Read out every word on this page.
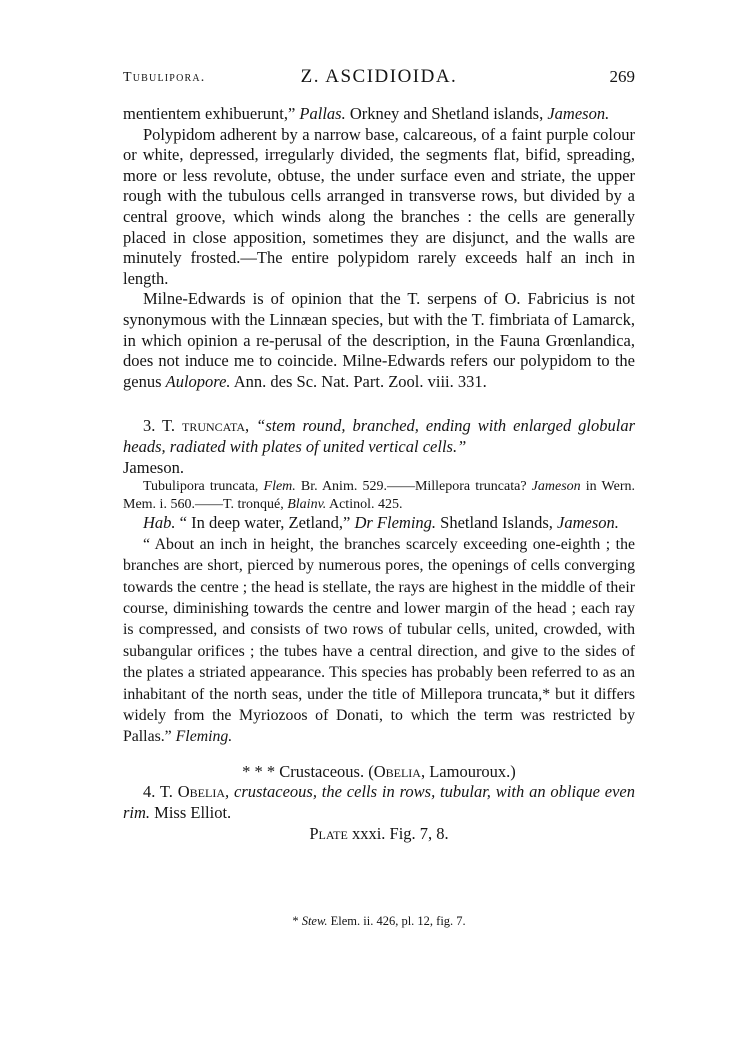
Tubulipora.	Z. ASCIDIOIDA.	269

mentientem exhibuerunt,” Pallas. Orkney and Shetland islands, Jameson.

Polypidom adherent by a narrow base, calcareous, of a faint purple colour or white, depressed, irregularly divided, the segments flat, bifid, spreading, more or less revolute, obtuse, the under surface even and striate, the upper rough with the tubulous cells arranged in transverse rows, but divided by a central groove, which winds along the branches : the cells are generally placed in close apposition, sometimes they are disjunct, and the walls are minutely frosted.—The entire polypidom rarely exceeds half an inch in length.

Milne-Edwards is of opinion that the T. serpens of O. Fabricius is not synonymous with the Linnæan species, but with the T. fimbriata of Lamarck, in which opinion a re-perusal of the description, in the Fauna Grœnlandica, does not induce me to coincide. Milne-Edwards refers our polypidom to the genus Aulopore. Ann. des Sc. Nat. Part. Zool. viii. 331.

3. T. truncata, “stem round, branched, ending with enlarged globular heads, radiated with plates of united vertical cells.”
Jameson.

Tubulipora truncata, Flem. Br. Anim. 529.——Millepora truncata? Jameson in Wern. Mem. i. 560.——T. tronqué, Blainv. Actinol. 425.

Hab. “ In deep water, Zetland,” Dr Fleming. Shetland Islands, Jameson.

“ About an inch in height, the branches scarcely exceeding one-eighth ; the branches are short, pierced by numerous pores, the openings of cells converging towards the centre ; the head is stellate, the rays are highest in the middle of their course, diminishing towards the centre and lower margin of the head ; each ray is compressed, and consists of two rows of tubular cells, united, crowded, with subangular orifices ; the tubes have a central direction, and give to the sides of the plates a striated appearance. This species has probably been referred to as an inhabitant of the north seas, under the title of Millepora truncata,* but it differs widely from the Myriozoos of Donati, to which the term was restricted by Pallas.” Fleming.

* * * Crustaceous. (Obelia, Lamouroux.)

4. T. Obelia, crustaceous, the cells in rows, tubular, with an oblique even rim. Miss Elliot.

Plate xxxi. Fig. 7, 8.

* Stew. Elem. ii. 426, pl. 12, fig. 7.
